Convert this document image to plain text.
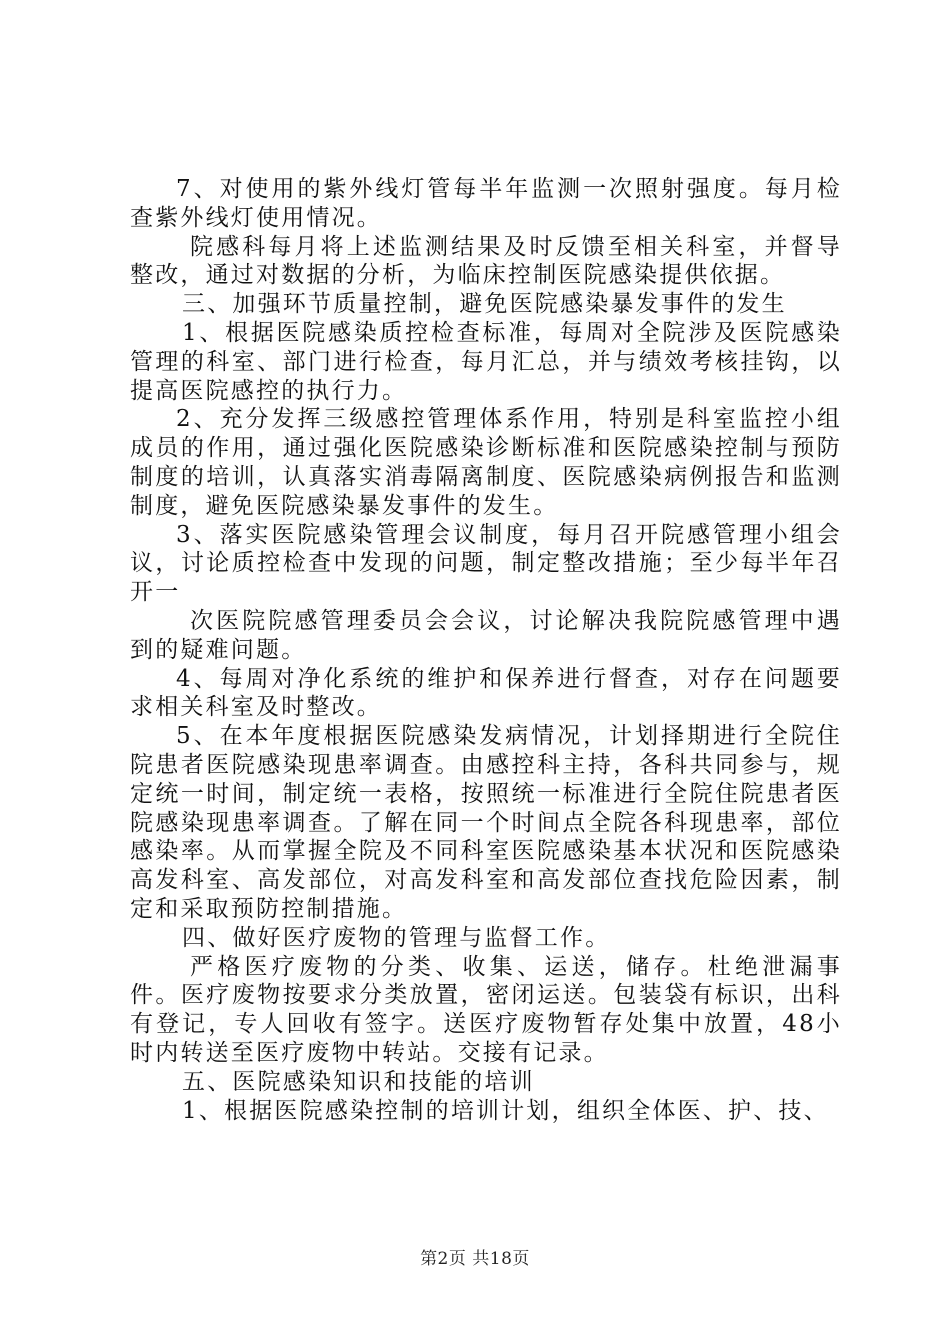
7、对使用的紫外线灯管每半年监测一次照射强度。每月检查紫外线灯使用情况。

院感科每月将上述监测结果及时反馈至相关科室，并督导整改，通过对数据的分析，为临床控制医院感染提供依据。

三、加强环节质量控制，避免医院感染暴发事件的发生

1、根据医院感染质控检查标准，每周对全院涉及医院感染管理的科室、部门进行检查，每月汇总，并与绩效考核挂钩，以提高医院感控的执行力。

2、充分发挥三级感控管理体系作用，特别是科室监控小组成员的作用，通过强化医院感染诊断标准和医院感染控制与预防制度的培训，认真落实消毒隔离制度、医院感染病例报告和监测制度，避免医院感染暴发事件的发生。

3、落实医院感染管理会议制度，每月召开院感管理小组会议，讨论质控检查中发现的问题，制定整改措施；至少每半年召开一

次医院院感管理委员会会议，讨论解决我院院感管理中遇到的疑难问题。

4、每周对净化系统的维护和保养进行督查，对存在问题要求相关科室及时整改。

5、在本年度根据医院感染发病情况，计划择期进行全院住院患者医院感染现患率调查。由感控科主持，各科共同参与，规定统一时间，制定统一表格，按照统一标准进行全院住院患者医院感染现患率调查。了解在同一个时间点全院各科现患率，部位感染率。从而掌握全院及不同科室医院感染基本状况和医院感染高发科室、高发部位，对高发科室和高发部位查找危险因素，制定和采取预防控制措施。

四、做好医疗废物的管理与监督工作。

严格医疗废物的分类、收集、运送，储存。杜绝泄漏事件。医疗废物按要求分类放置，密闭运送。包装袋有标识，出科有登记，专人回收有签字。送医疗废物暂存处集中放置，48小时内转送至医疗废物中转站。交接有记录。

五、医院感染知识和技能的培训

1、根据医院感染控制的培训计划，组织全体医、护、技、

第2页 共18页
